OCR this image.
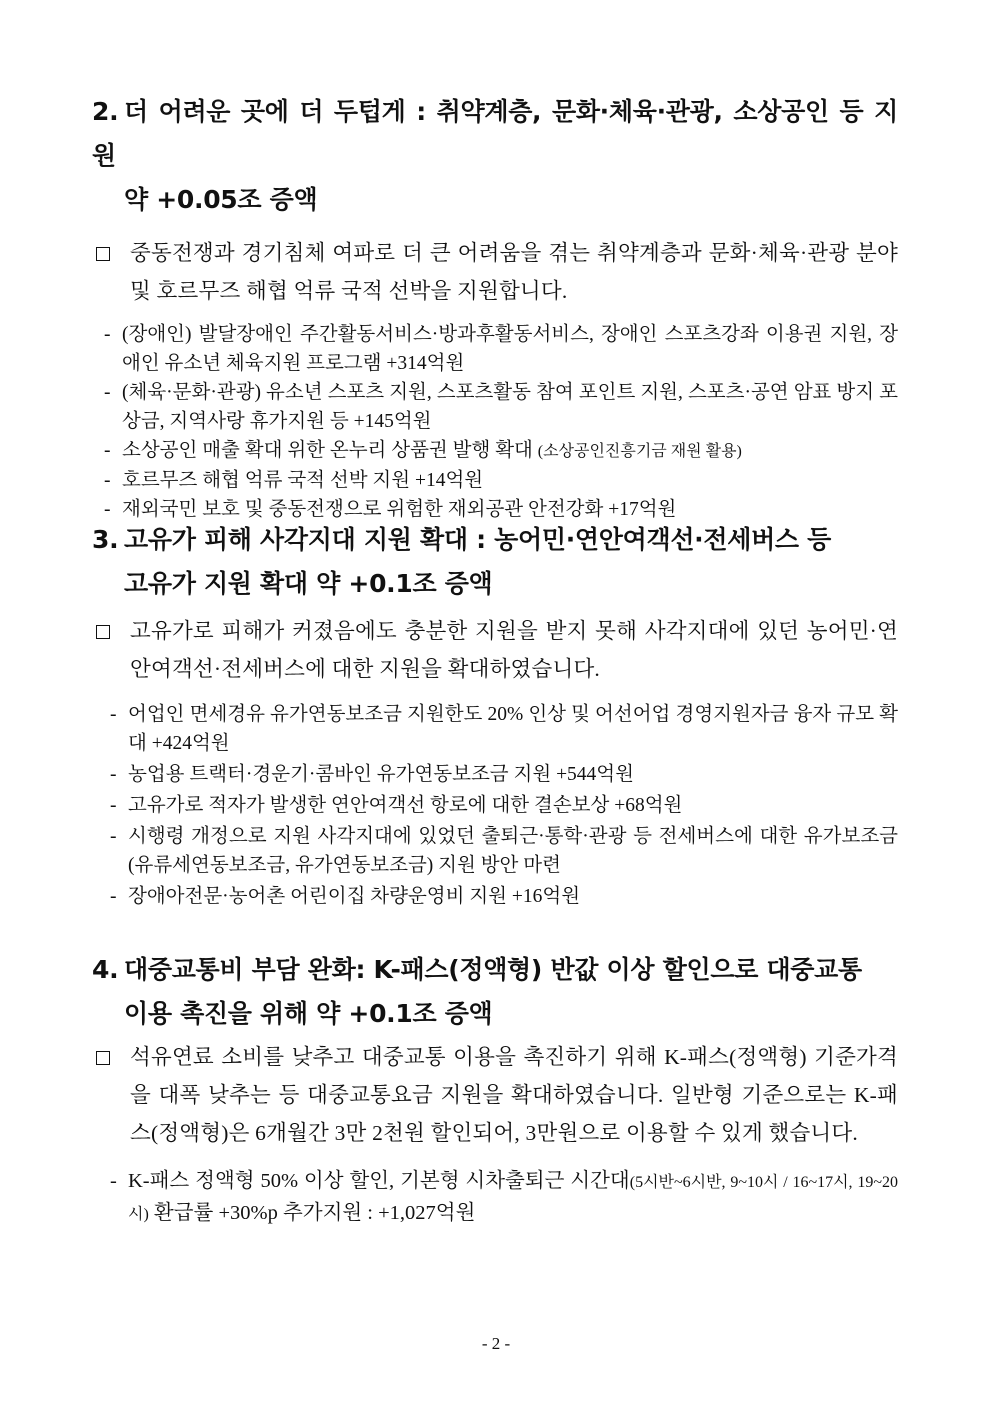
2. 더 어려운 곳에 더 두텁게 : 취약계층, 문화·체육·관광, 소상공인 등 지원
약 +0.05조 증액
중동전쟁과 경기침체 여파로 더 큰 어려움을 겪는 취약계층과 문화·체육·관광 분야 및 호르무즈 해협 억류 국적 선박을 지원합니다.
- (장애인) 발달장애인 주간활동서비스·방과후활동서비스, 장애인 스포츠강좌 이용권 지원, 장애인 유소년 체육지원 프로그램 +314억원
- (체육·문화·관광) 유소년 스포츠 지원, 스포츠활동 참여 포인트 지원, 스포츠·공연 암표 방지 포상금, 지역사랑 휴가지원 등 +145억원
- 소상공인 매출 확대 위한 온누리 상품권 발행 확대 (소상공인진흥기금 재원 활용)
- 호르무즈 해협 억류 국적 선박 지원 +14억원
- 재외국민 보호 및 중동전쟁으로 위험한 재외공관 안전강화 +17억원
3. 고유가 피해 사각지대 지원 확대 : 농어민·연안여객선·전세버스 등
고유가 지원 확대 약 +0.1조 증액
고유가로 피해가 커졌음에도 충분한 지원을 받지 못해 사각지대에 있던 농어민·연안여객선·전세버스에 대한 지원을 확대하였습니다.
- 어업인 면세경유 유가연동보조금 지원한도 20% 인상 및 어선어업 경영지원자금 융자 규모 확대 +424억원
- 농업용 트랙터·경운기·콤바인 유가연동보조금 지원 +544억원
- 고유가로 적자가 발생한 연안여객선 항로에 대한 결손보상 +68억원
- 시행령 개정으로 지원 사각지대에 있었던 출퇴근·통학·관광 등 전세버스에 대한 유가보조금(유류세연동보조금, 유가연동보조금) 지원 방안 마련
- 장애아전문·농어촌 어린이집 차량운영비 지원 +16억원
4. 대중교통비 부담 완화: K-패스(정액형) 반값 이상 할인으로 대중교통
이용 촉진을 위해 약 +0.1조 증액
석유연료 소비를 낮추고 대중교통 이용을 촉진하기 위해 K-패스(정액형) 기준가격을 대폭 낮추는 등 대중교통요금 지원을 확대하였습니다. 일반형 기준으로는 K-패스(정액형)은 6개월간 3만 2천원 할인되어, 3만원으로 이용할 수 있게 했습니다.
- K-패스 정액형 50% 이상 할인, 기본형 시차출퇴근 시간대(5시반~6시반, 9~10시 / 16~17시, 19~20시) 환급률 +30%p 추가지원 : +1,027억원
- 2 -
